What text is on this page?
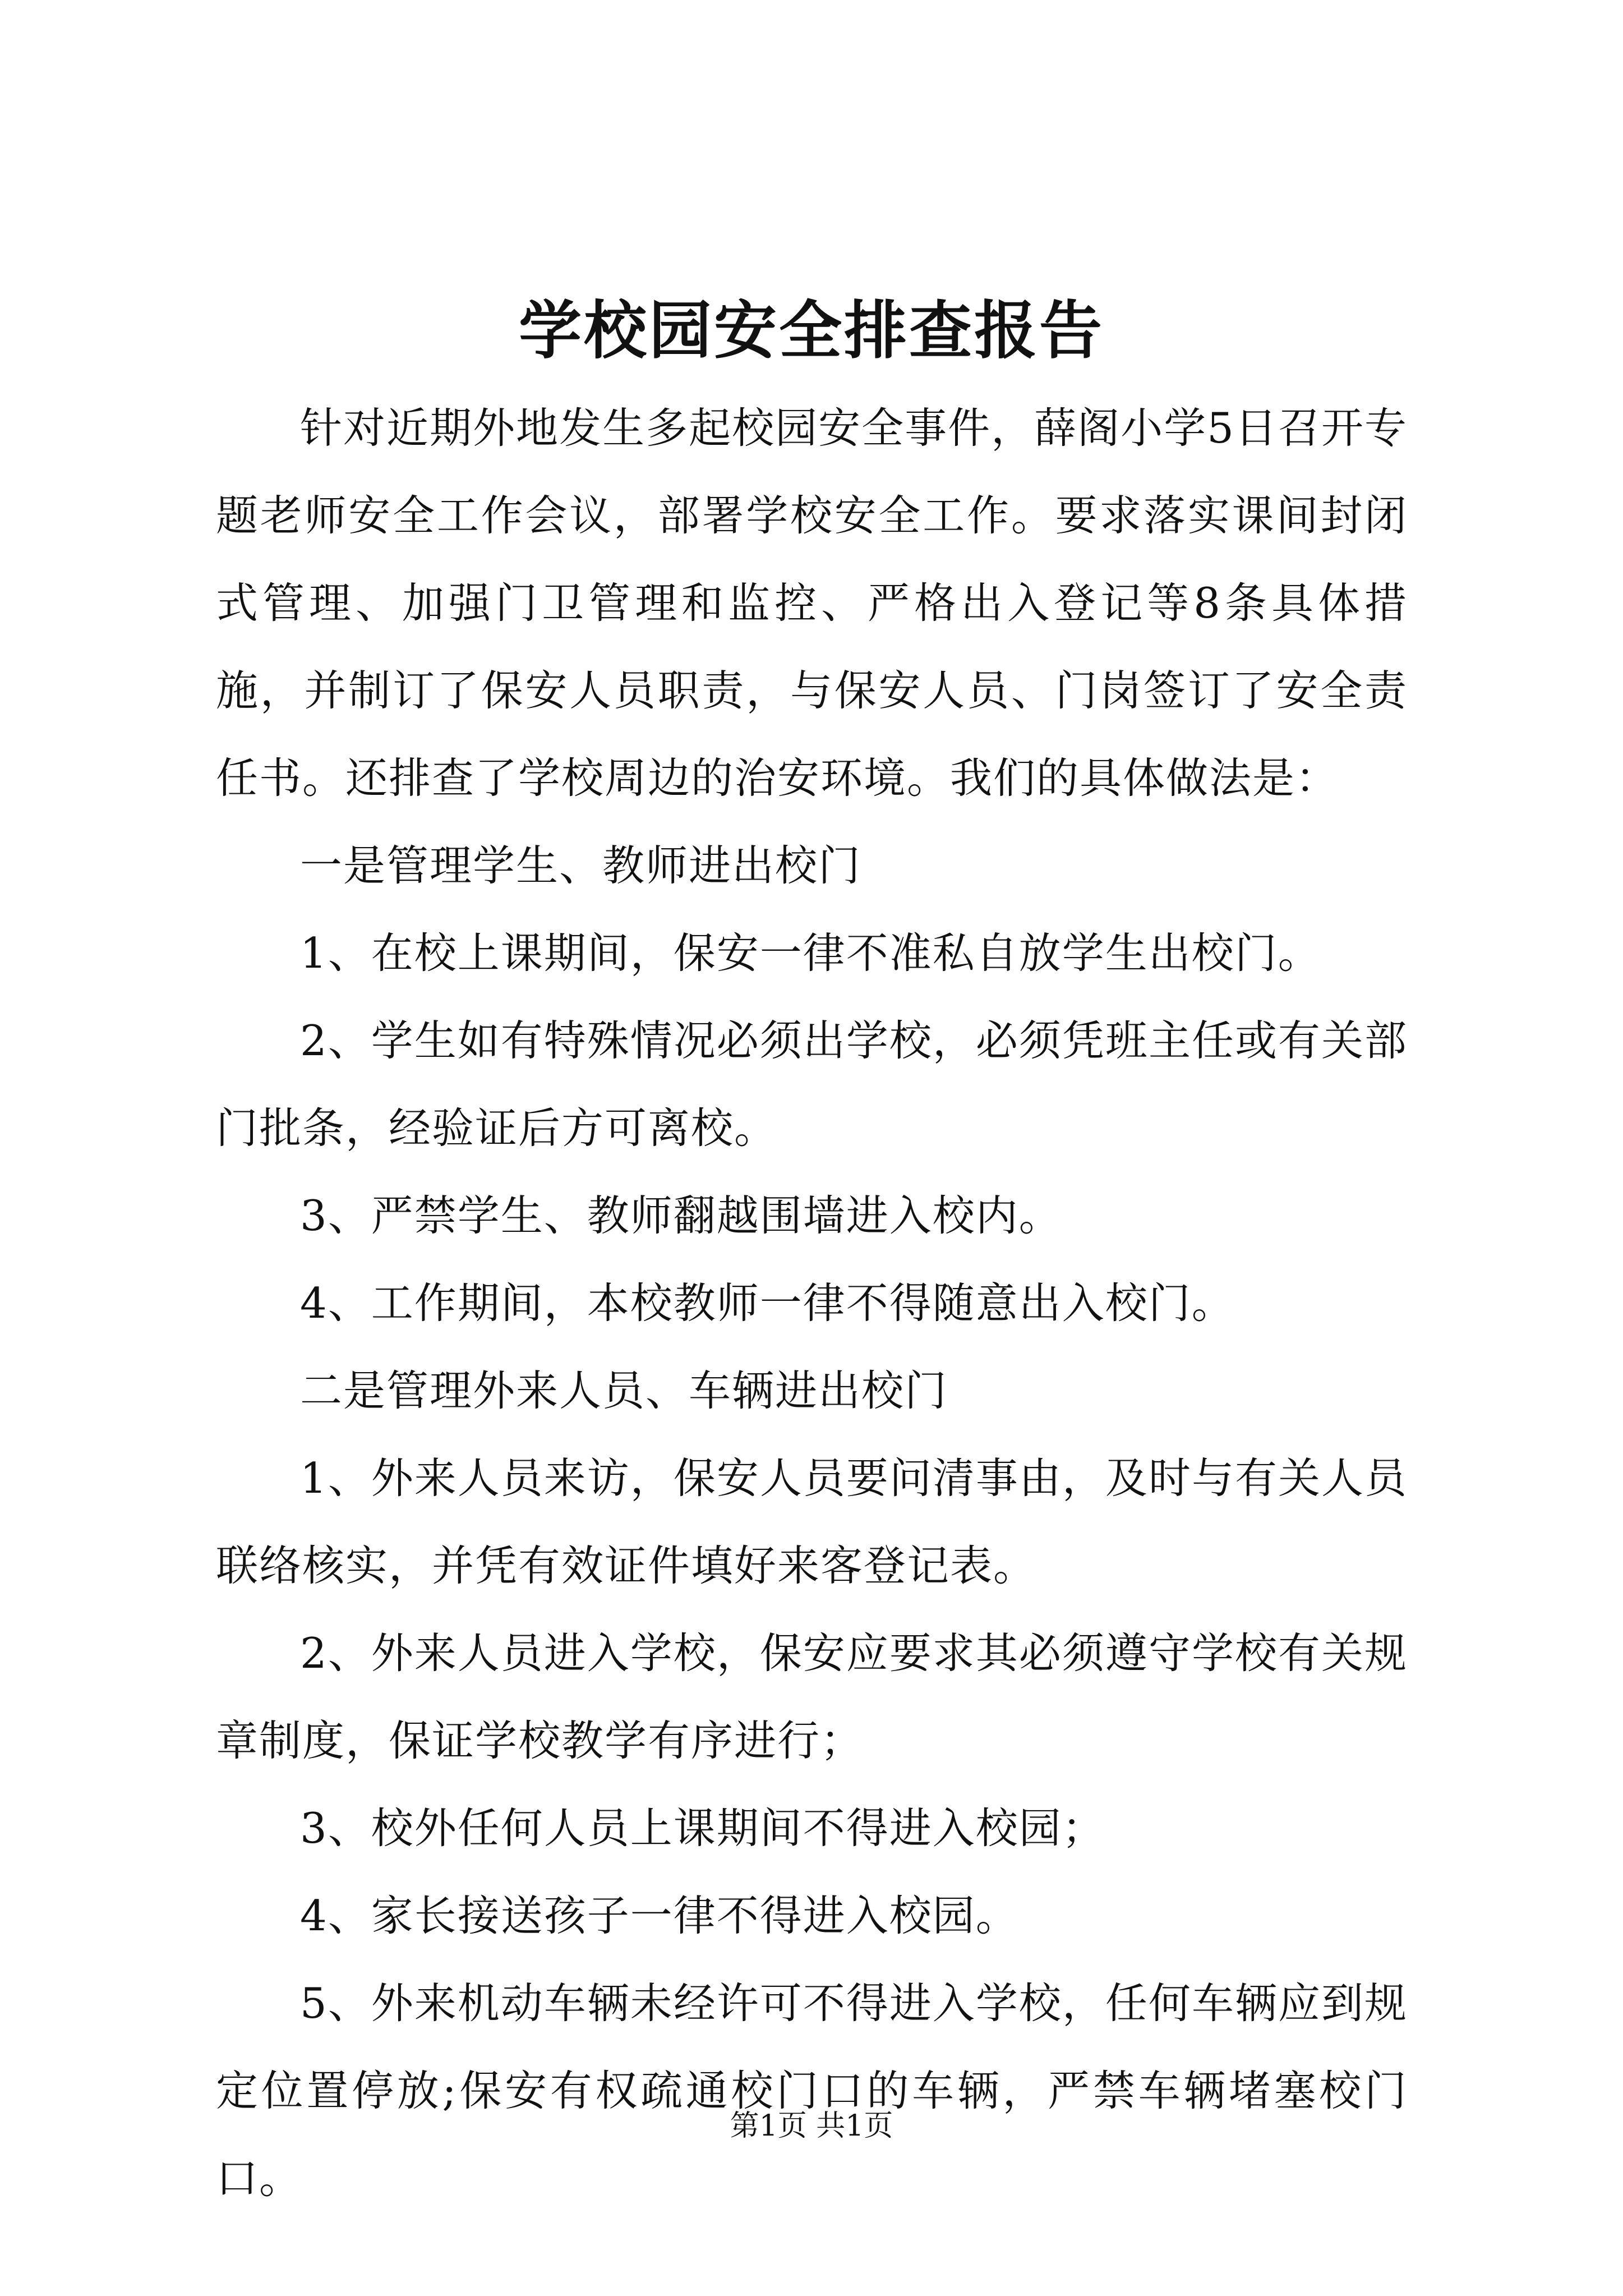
学校园安全排查报告

针对近期外地发生多起校园安全事件，薛阁小学5日召开专题老师安全工作会议，部署学校安全工作。要求落实课间封闭式管理、加强门卫管理和监控、严格出入登记等8条具体措施，并制订了保安人员职责，与保安人员、门岗签订了安全责任书。还排查了学校周边的治安环境。我们的具体做法是：

一是管理学生、教师进出校门

1、在校上课期间，保安一律不准私自放学生出校门。

2、学生如有特殊情况必须出学校，必须凭班主任或有关部门批条，经验证后方可离校。

3、严禁学生、教师翻越围墙进入校内。

4、工作期间，本校教师一律不得随意出入校门。

二是管理外来人员、车辆进出校门

1、外来人员来访，保安人员要问清事由，及时与有关人员联络核实，并凭有效证件填好来客登记表。

2、外来人员进入学校，保安应要求其必须遵守学校有关规章制度，保证学校教学有序进行；

3、校外任何人员上课期间不得进入校园；

4、家长接送孩子一律不得进入校园。

5、外来机动车辆未经许可不得进入学校，任何车辆应到规定位置停放;保安有权疏通校门口的车辆，严禁车辆堵塞校门口。

第1页 共1页
